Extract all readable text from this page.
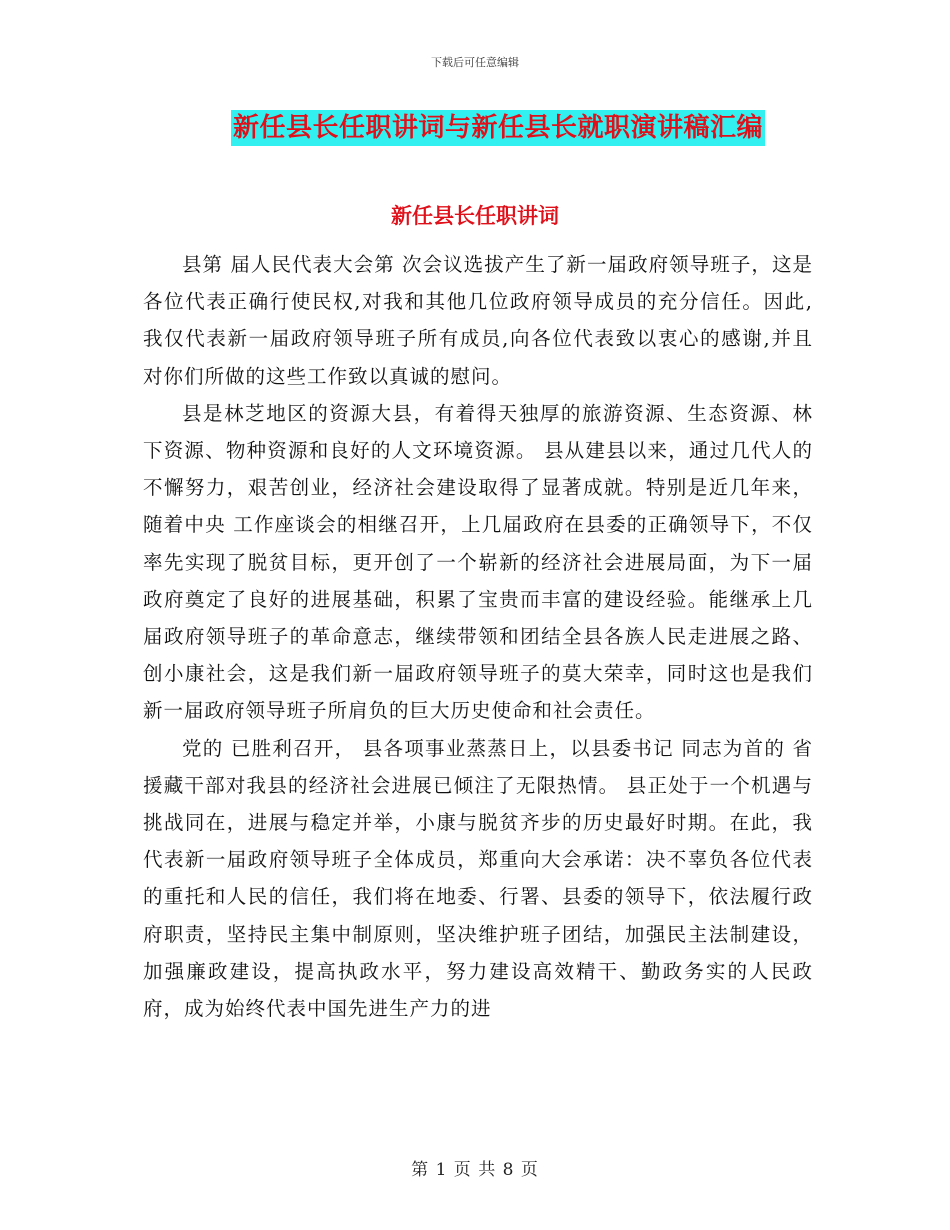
下载后可任意编辑
新任县长任职讲词与新任县长就职演讲稿汇编
新任县长任职讲词

县第 届人民代表大会第 次会议选拔产生了新一届政府领导班子，这是各位代表正确行使民权,对我和其他几位政府领导成员的充分信任。因此,我仅代表新一届政府领导班子所有成员,向各位代表致以衷心的感谢,并且对你们所做的这些工作致以真诚的慰问。

县是林芝地区的资源大县，有着得天独厚的旅游资源、生态资源、林下资源、物种资源和良好的人文环境资源。 县从建县以来，通过几代人的不懈努力，艰苦创业，经济社会建设取得了显著成就。特别是近几年来，随着中央 工作座谈会的相继召开，上几届政府在县委的正确领导下，不仅率先实现了脱贫目标，更开创了一个崭新的经济社会进展局面，为下一届政府奠定了良好的进展基础，积累了宝贵而丰富的建设经验。能继承上几届政府领导班子的革命意志，继续带领和团结全县各族人民走进展之路、创小康社会，这是我们新一届政府领导班子的莫大荣幸，同时这也是我们新一届政府领导班子所肩负的巨大历史使命和社会责任。

党的 已胜利召开， 县各项事业蒸蒸日上，以县委书记 同志为首的 省援藏干部对我县的经济社会进展已倾注了无限热情。 县正处于一个机遇与挑战同在，进展与稳定并举，小康与脱贫齐步的历史最好时期。在此，我代表新一届政府领导班子全体成员，郑重向大会承诺：决不辜负各位代表的重托和人民的信任，我们将在地委、行署、县委的领导下，依法履行政府职责，坚持民主集中制原则，坚决维护班子团结，加强民主法制建设，加强廉政建设，提高执政水平，努力建设高效精干、勤政务实的人民政府，成为始终代表中国先进生产力的进

第 1 页 共 8 页
